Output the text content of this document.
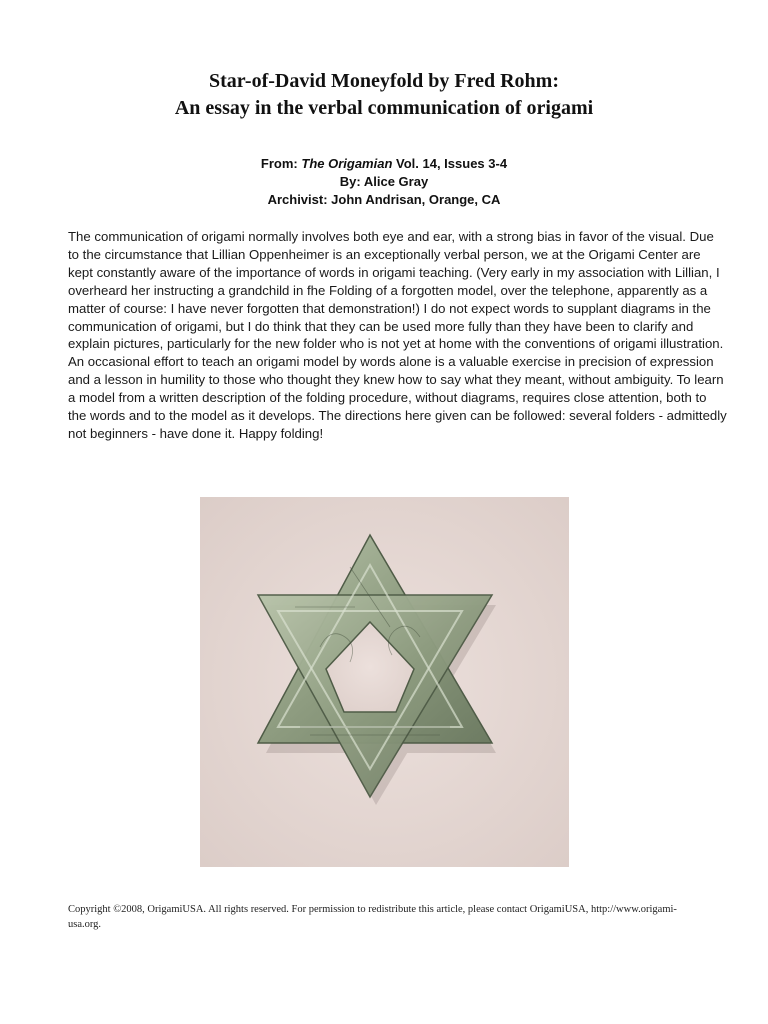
Star-of-David Moneyfold by Fred Rohm:
An essay in the verbal communication of origami
From: The Origamian Vol. 14, Issues 3-4
By: Alice Gray
Archivist: John Andrisan, Orange, CA

The communication of origami normally involves both eye and ear, with a strong bias in favor of the visual. Due to the circumstance that Lillian Oppenheimer is an exceptionally verbal person, we at the Origami Center are kept constantly aware of the importance of words in origami teaching. (Very early in my association with Lillian, I overheard her instructing a grandchild in fhe Folding of a forgotten model, over the telephone, apparently as a matter of course: I have never forgotten that demonstration!) I do not expect words to supplant diagrams in the communication of origami, but I do think that they can be used more fully than they have been to clarify and explain pictures, particularly for the new folder who is not yet at home with the conventions of origami illustration. An occasional effort to teach an origami model by words alone is a valuable exercise in precision of expression and a lesson in humility to those who thought they knew how to say what they meant, without ambiguity. To learn a model from a written description of the folding procedure, without diagrams, requires close attention, both to the words and to the model as it develops. The directions here given can be followed: several folders - admittedly not beginners - have done it. Happy folding!

Copyright ©2008, OrigamiUSA. All rights reserved. For permission to redistribute this article, please contact OrigamiUSA, http://www.origami-usa.org.
